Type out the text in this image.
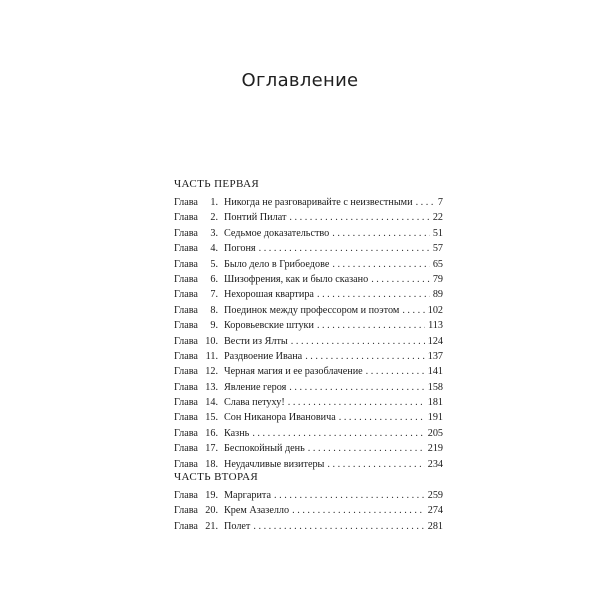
Оглавление
ЧАСТЬ ПЕРВАЯ
Глава	1. Никогда не разговаривайте с неизвестными . . . 7
Глава	2. Понтий Пилат . . .	22
Глава	3. Седьмое доказательство . . .	51
Глава	4. Погоня . . .	57
Глава	5. Было дело в Грибоедове . . .	65
Глава	6. Шизофрения, как и было сказано . . .	79
Глава	7. Нехорошая квартира . . .	89
Глава	8. Поединок между профессором и поэтом . . .	102
Глава	9. Коровьевские штуки . . .	113
Глава 10. Вести из Ялты . . .	124
Глава 11. Раздвоение Ивана . . .	137
Глава 12. Черная магия и ее разоблачение . . .	141
Глава 13. Явление героя . . .	158
Глава 14. Слава петуху! . . .	181
Глава 15. Сон Никанора Ивановича . . .	191
Глава 16. Казнь . . .	205
Глава 17. Беспокойный день . . .	219
Глава 18. Неудачливые визитеры . . .	234
ЧАСТЬ ВТОРАЯ
Глава 19. Маргарита . . .	259
Глава 20. Крем Азазелло . . .	274
Глава 21. Полет . . .	281
